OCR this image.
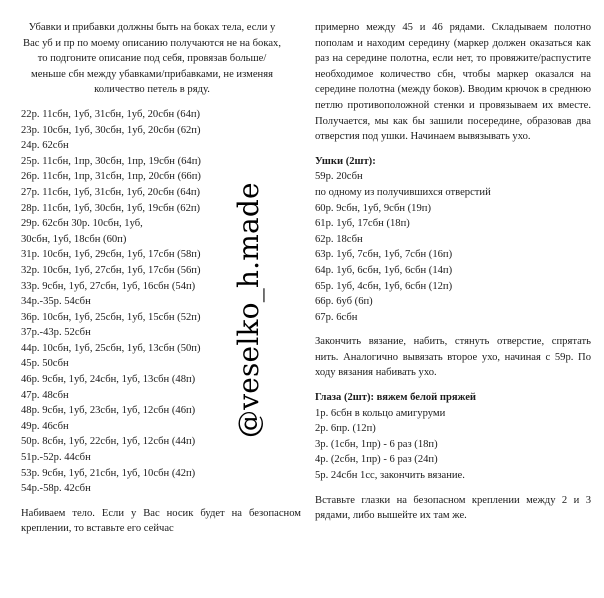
Убавки и прибавки должны быть на боках тела, если у Вас уб и пр по моему описанию получаются не на боках, то подгоните описание под себя, провязав больше/меньше сбн между убавками/прибавками, не изменяя количество петель в ряду.

22р. 11сбн, 1уб, 31сбн, 1уб, 20сбн (64п)
23р. 10сбн, 1уб, 30сбн, 1уб, 20сбн (62п)
24р. 62сбн
25р. 11сбн, 1пр, 30сбн, 1пр, 19сбн (64п)
26р. 11сбн, 1пр, 31сбн, 1пр, 20сбн (66п)
27р. 11сбн, 1уб, 31сбн, 1уб, 20сбн (64п)
28р. 11сбн, 1уб, 30сбн, 1уб, 19сбн (62п)
29р. 62сбн 30р. 10сбн, 1уб,
30сбн, 1уб, 18сбн (60п)
31р. 10сбн, 1уб, 29сбн, 1уб, 17сбн (58п)
32р. 10сбн, 1уб, 27сбн, 1уб, 17сбн (56п)
33р. 9сбн, 1уб, 27сбн, 1уб, 16сбн (54п)
34р.-35р. 54сбн
36р. 10сбн, 1уб, 25сбн, 1уб, 15сбн (52п)
37р.-43р. 52сбн
44р. 10сбн, 1уб, 25сбн, 1уб, 13сбн (50п)
45р. 50сбн
46р. 9сбн, 1уб, 24сбн, 1уб, 13сбн (48п)
47р. 48сбн
48р. 9сбн, 1уб, 23сбн, 1уб, 12сбн (46п)
49р. 46сбн
50р. 8сбн, 1уб, 22сбн, 1уб, 12сбн (44п)
51р.-52р. 44сбн
53р. 9сбн, 1уб, 21сбн, 1уб, 10сбн (42п)
54р.-58р. 42сбн

Набиваем тело. Если у Вас носик будет на безопасном креплении, то вставьте его сейчас

@veselko_h.made

примерно между 45 и 46 рядами. Складываем полотно пополам и находим середину (маркер должен оказаться как раз на середине полотна, если нет, то провяжите/распустите необходимое количество сбн, чтобы маркер оказался на середине полотна (между боков). Вводим крючок в среднюю петлю противоположной стенки и провязываем их вместе. Получается, мы как бы зашили посередине, образовав два отверстия под ушки. Начинаем вывязывать ухо.

Ушки (2шт):
59р. 20сбн
по одному из получившихся отверстий
60р. 9сбн, 1уб, 9сбн (19п)
61р. 1уб, 17сбн (18п)
62р. 18сбн
63р. 1уб, 7сбн, 1уб, 7сбн (16п)
64р. 1уб, 6сбн, 1уб, 6сбн (14п)
65р. 1уб, 4сбн, 1уб, 6сбн (12п)
66р. 6уб (6п)
67р. 6сбн

Закончить вязание, набить, стянуть отверстие, спрятать нить. Аналогично вывязать второе ухо, начиная с 59р. По ходу вязания набивать ухо.

Глаза (2шт): вяжем белой пряжей
1р. 6сбн в кольцо амигуруми
2р. 6пр. (12п)
3р. (1сбн, 1пр) - 6 раз (18п)
4р. (2сбн, 1пр) - 6 раз (24п)
5р. 24сбн 1сс, закончить вязание.

Вставьте глазки на безопасном креплении между 2 и 3 рядами, либо вышейте их там же.
